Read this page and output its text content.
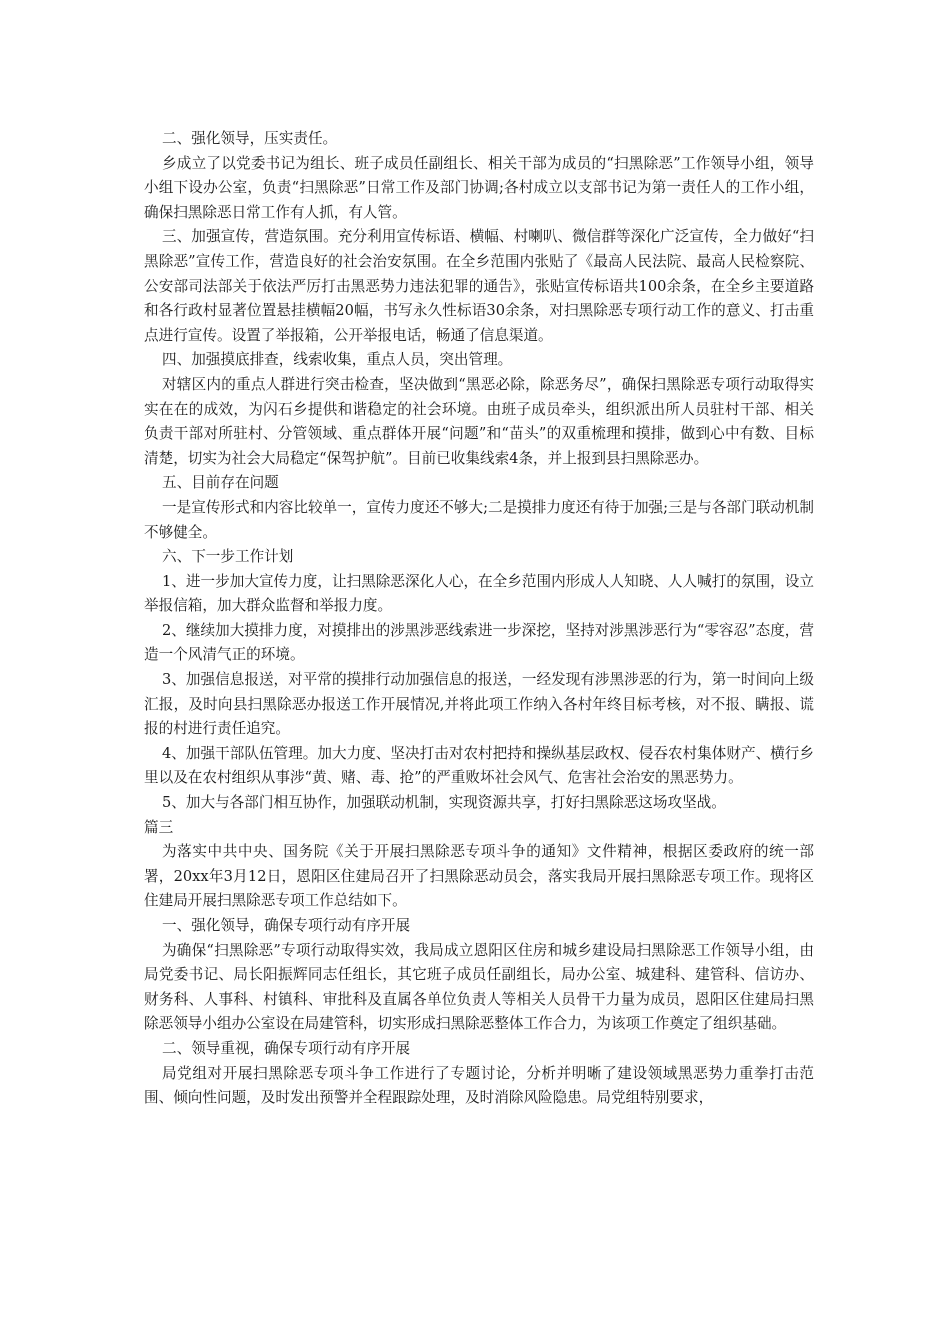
二、强化领导，压实责任。

乡成立了以党委书记为组长、班子成员任副组长、相关干部为成员的“扫黑除恶”工作领导小组，领导小组下设办公室，负责“扫黑除恶”日常工作及部门协调;各村成立以支部书记为第一责任人的工作小组，确保扫黑除恶日常工作有人抓，有人管。

三、加强宣传，营造氛围。充分利用宣传标语、横幅、村喇叭、微信群等深化广泛宣传，全力做好“扫黑除恶”宣传工作，营造良好的社会治安氛围。在全乡范围内张贴了《最高人民法院、最高人民检察院、公安部司法部关于依法严厉打击黑恶势力违法犯罪的通告》，张贴宣传标语共100余条，在全乡主要道路和各行政村显著位置悬挂横幅20幅，书写永久性标语30余条，对扫黑除恶专项行动工作的意义、打击重点进行宣传。设置了举报箱，公开举报电话，畅通了信息渠道。

四、加强摸底排查，线索收集，重点人员，突出管理。

对辖区内的重点人群进行突击检查，坚决做到“黑恶必除，除恶务尽”，确保扫黑除恶专项行动取得实实在在的成效，为闪石乡提供和谐稳定的社会环境。由班子成员牵头，组织派出所人员驻村干部、相关负责干部对所驻村、分管领域、重点群体开展“问题”和“苗头”的双重梳理和摸排，做到心中有数、目标清楚，切实为社会大局稳定“保驾护航”。目前已收集线索4条，并上报到县扫黑除恶办。

五、目前存在问题

一是宣传形式和内容比较单一，宣传力度还不够大;二是摸排力度还有待于加强;三是与各部门联动机制不够健全。

六、下一步工作计划

1、进一步加大宣传力度，让扫黑除恶深化人心，在全乡范围内形成人人知晓、人人喊打的氛围，设立举报信箱，加大群众监督和举报力度。

2、继续加大摸排力度，对摸排出的涉黑涉恶线索进一步深挖，坚持对涉黑涉恶行为“零容忍”态度，营造一个风清气正的环境。

3、加强信息报送，对平常的摸排行动加强信息的报送，一经发现有涉黑涉恶的行为，第一时间向上级汇报，及时向县扫黑除恶办报送工作开展情况,并将此项工作纳入各村年终目标考核，对不报、瞒报、谎报的村进行责任追究。

4、加强干部队伍管理。加大力度、坚决打击对农村把持和操纵基层政权、侵吞农村集体财产、横行乡里以及在农村组织从事涉“黄、赌、毒、抢”的严重败坏社会风气、危害社会治安的黑恶势力。

5、加大与各部门相互协作，加强联动机制，实现资源共享，打好扫黑除恶这场攻坚战。

篇三

为落实中共中央、国务院《关于开展扫黑除恶专项斗争的通知》文件精神，根据区委政府的统一部署，20xx年3月12日，恩阳区住建局召开了扫黑除恶动员会，落实我局开展扫黑除恶专项工作。现将区住建局开展扫黑除恶专项工作总结如下。

一、强化领导，确保专项行动有序开展

为确保“扫黑除恶”专项行动取得实效，我局成立恩阳区住房和城乡建设局扫黑除恶工作领导小组，由局党委书记、局长阳振辉同志任组长，其它班子成员任副组长，局办公室、城建科、建管科、信访办、财务科、人事科、村镇科、审批科及直属各单位负责人等相关人员骨干力量为成员，恩阳区住建局扫黑除恶领导小组办公室设在局建管科，切实形成扫黑除恶整体工作合力，为该项工作奠定了组织基础。

二、领导重视，确保专项行动有序开展

局党组对开展扫黑除恶专项斗争工作进行了专题讨论，分析并明晰了建设领域黑恶势力重拳打击范围、倾向性问题，及时发出预警并全程跟踪处理，及时消除风险隐患。局党组特别要求，
